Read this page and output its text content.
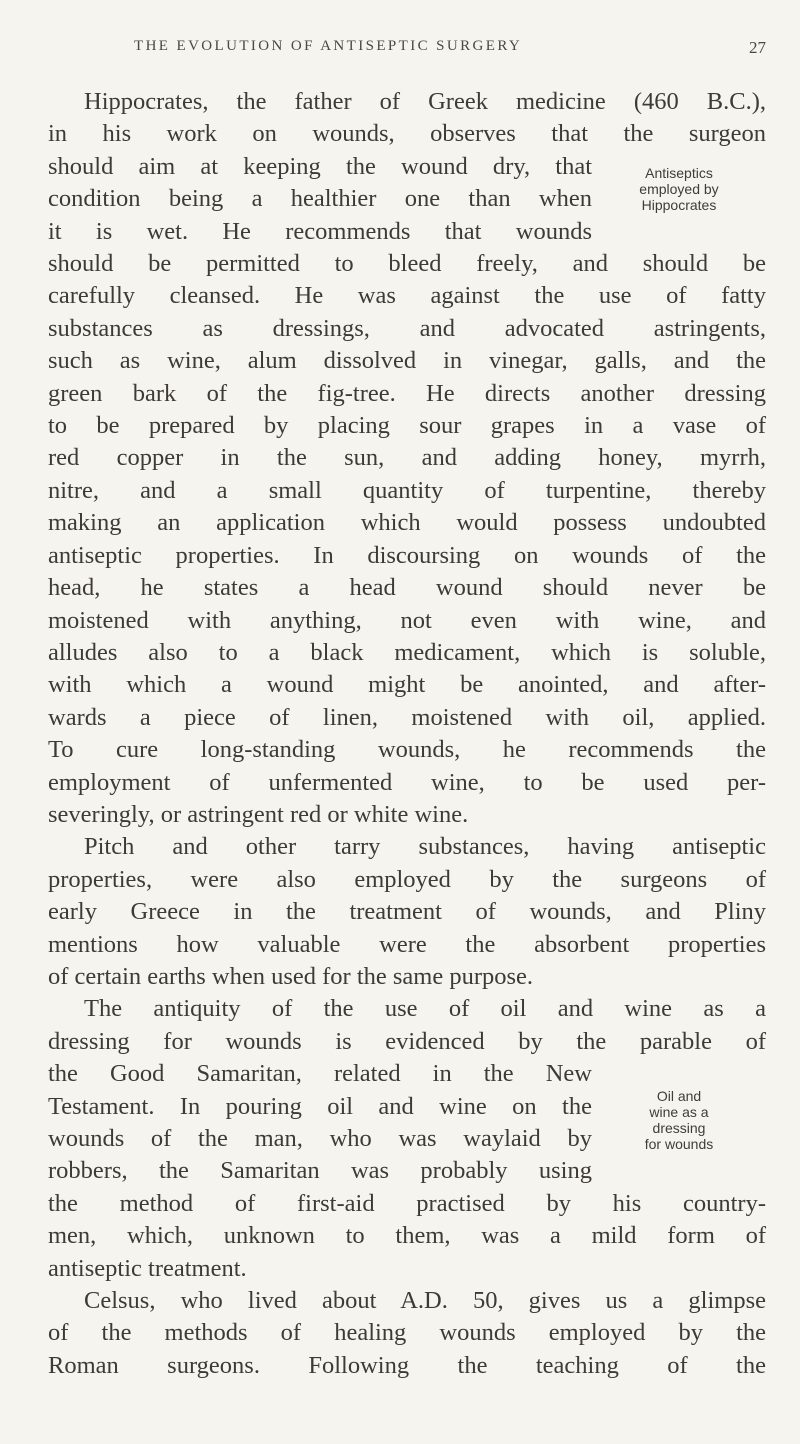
THE EVOLUTION OF ANTISEPTIC SURGERY	27
Hippocrates, the father of Greek medicine (460 B.C.),
in his work on wounds, observes that the surgeon
should aim at keeping the wound dry, that
condition being a healthier one than when
it is wet. He recommends that wounds
Antiseptics
employed by
Hippocrates
should be permitted to bleed freely, and should be
carefully cleansed. He was against the use of fatty
substances as dressings, and advocated astringents,
such as wine, alum dissolved in vinegar, galls, and the
green bark of the fig-tree. He directs another dressing
to be prepared by placing sour grapes in a vase of
red copper in the sun, and adding honey, myrrh,
nitre, and a small quantity of turpentine, thereby
making an application which would possess undoubted
antiseptic properties. In discoursing on wounds of the
head, he states a head wound should never be
moistened with anything, not even with wine, and
alludes also to a black medicament, which is soluble,
with which a wound might be anointed, and after-
wards a piece of linen, moistened with oil, applied.
To cure long-standing wounds, he recommends the
employment of unfermented wine, to be used per-
severingly, or astringent red or white wine.
Pitch and other tarry substances, having antiseptic
properties, were also employed by the surgeons of
early Greece in the treatment of wounds, and Pliny
mentions how valuable were the absorbent properties
of certain earths when used for the same purpose.
The antiquity of the use of oil and wine as a
dressing for wounds is evidenced by the parable of
the Good Samaritan, related in the New
Testament. In pouring oil and wine on the
wounds of the man, who was waylaid by
robbers, the Samaritan was probably using
Oil and
wine as a
dressing
for wounds
the method of first-aid practised by his country-
men, which, unknown to them, was a mild form of
antiseptic treatment.
Celsus, who lived about A.D. 50, gives us a glimpse
of the methods of healing wounds employed by the
Roman surgeons. Following the teaching of the
